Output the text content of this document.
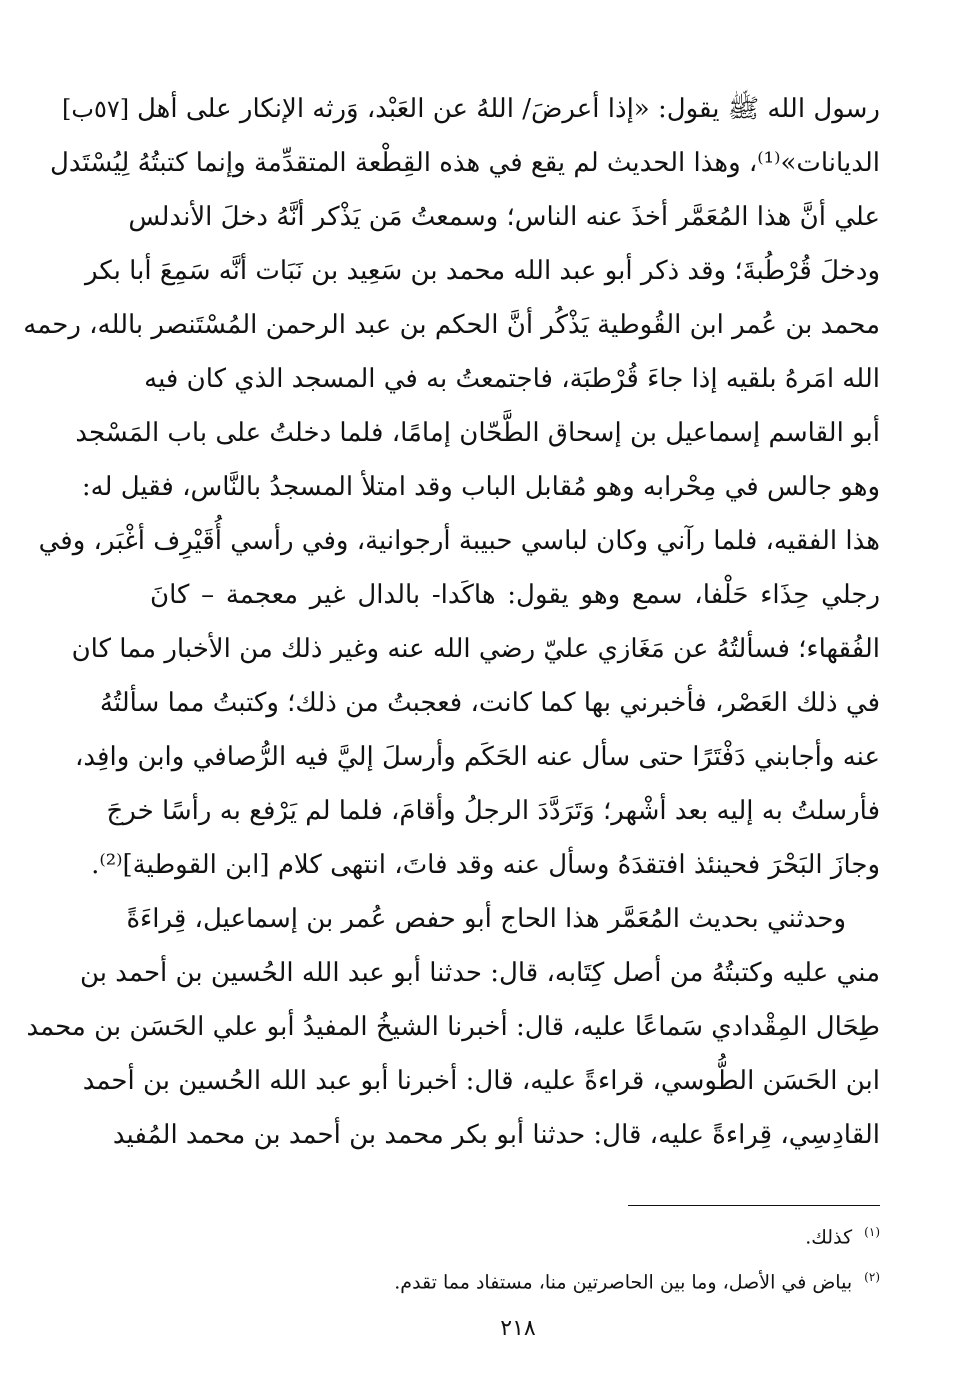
[٥٧ب] رسول الله ﷺ يقول: «إذا أعرضَ/ اللهُ عن العَبْد، وَرثه الإنكار على أهل
الديانات»⁽¹⁾، وهذا الحديث لم يقع في هذه القِطْعة المتقدِّمة وإنما كتبتُهُ لِيُسْتَدل
علي أنَّ هذا المُعَمَّر أخذَ عنه الناس؛ وسمعتُ مَن يَذْكر أنَّهُ دخلَ الأندلس
ودخلَ قُرْطُبةَ؛ وقد ذكر أبو عبد الله محمد بن سَعِيد بن نَبَات أنَّه سَمِعَ أبا بكر
محمد بن عُمر ابن القُوطية يَذْكُر أنَّ الحكم بن عبد الرحمن المُسْتَنصر بالله، رحمه
الله امَرهُ بلقيه إذا جاءَ قُرْطبَة، فاجتمعتُ به في المسجد الذي كان فيه
أبو القاسم إسماعيل بن إسحاق الطَّحّان إمامًا، فلما دخلتُ على باب المَسْجد
وهو جالس في مِحْرابه وهو مُقابل الباب وقد امتلأ المسجدُ بالنَّاس، فقيل له:
هذا الفقيه، فلما رآني وكان لباسي حبيبة أرجوانية، وفي رأسي أُقَيْرِف أغْبَر، وفي
رجلي حِذَاء حَلْفا، سمع وهو يقول: هاكَدا- بالدال غير معجمة – كانَ
الفُقهاء؛ فسألتُهُ عن مَغَازي عليّ رضي الله عنه وغير ذلك من الأخبار مما كان
في ذلك العَصْر، فأخبرني بها كما كانت، فعجبتُ من ذلك؛ وكتبتُ مما سألتُهُ
عنه وأجابني دَفْتَرًا حتى سأل عنه الحَكَم وأرسلَ إليَّ فيه الرُّصافي وابن وافِد،
فأرسلتُ به إليه بعد أشْهر؛ وَتَرَدَّدَ الرجلُ وأقامَ، فلما لم يَرْفع به رأسًا خرجَ
وجازَ البَحْرَ فحينئذ افتقدَهُ وسأل عنه وقد فاتَ، انتهى كلام [ابن القوطية]⁽²⁾.
وحدثني بحديث المُعَمَّر هذا الحاج أبو حفص عُمر بن إسماعيل، قِراءَةً
مني عليه وكتبتُهُ من أصل كِتَابه، قال: حدثنا أبو عبد الله الحُسين بن أحمد بن
طِحَال المِقْدادي سَماعًا عليه، قال: أخبرنا الشيخُ المفيدُ أبو علي الحَسَن بن محمد
ابن الحَسَن الطُّوسي، قراءةً عليه، قال: أخبرنا أبو عبد الله الحُسين بن أحمد
القادِسِي، قِراءةً عليه، قال: حدثنا أبو بكر محمد بن أحمد بن محمد المُفيد
$^{(١)}$ كذلك.
$^{(٢)}$ بياض في الأصل، وما بين الحاصرتين منا، مستفاد مما تقدم.
٢١٨
